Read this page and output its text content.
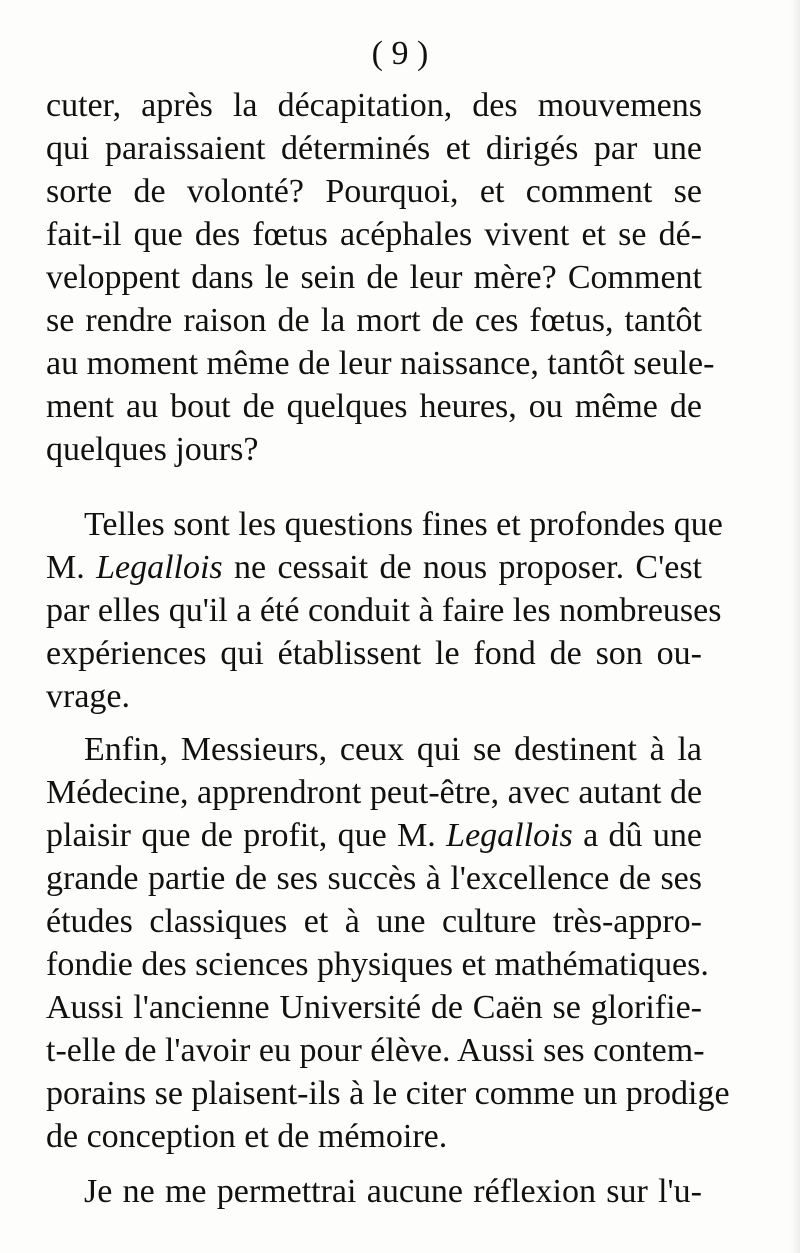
( 9 )
cuter, après la décapitation, des mouvemens
qui paraissaient déterminés et dirigés par une
sorte de volonté? Pourquoi, et comment se
fait-il que des fœtus acéphales vivent et se dé-
veloppent dans le sein de leur mère? Comment
se rendre raison de la mort de ces fœtus, tantôt
au moment même de leur naissance, tantôt seule-
ment au bout de quelques heures, ou même de
quelques jours?
Telles sont les questions fines et profondes que
M. Legallois ne cessait de nous proposer. C'est
par elles qu'il a été conduit à faire les nombreuses
expériences qui établissent le fond de son ou-
vrage.
Enfin, Messieurs, ceux qui se destinent à la
Médecine, apprendront peut-être, avec autant de
plaisir que de profit, que M. Legallois a dû une
grande partie de ses succès à l'excellence de ses
études classiques et à une culture très-appro-
fondie des sciences physiques et mathématiques.
Aussi l'ancienne Université de Caën se glorifie-
t-elle de l'avoir eu pour élève. Aussi ses contem-
porains se plaisent-ils à le citer comme un prodige
de conception et de mémoire.
Je ne me permettrai aucune réflexion sur l'u-
